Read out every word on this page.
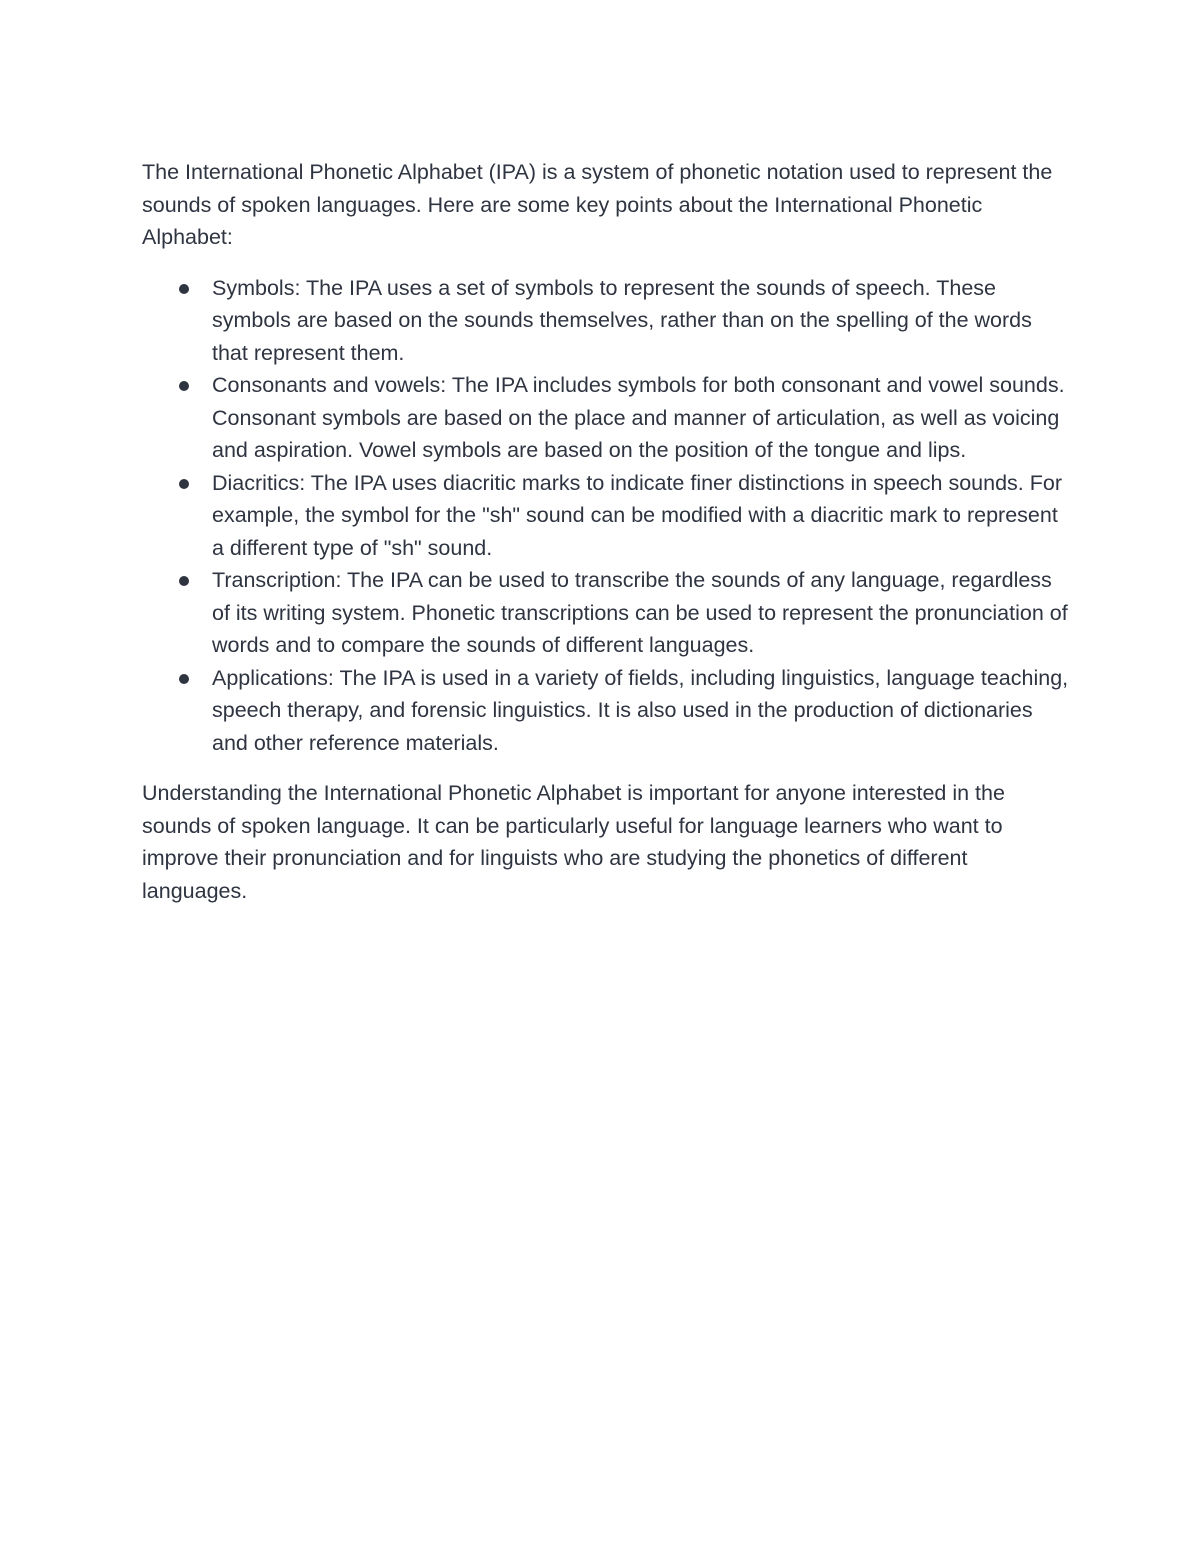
The International Phonetic Alphabet (IPA) is a system of phonetic notation used to represent the sounds of spoken languages. Here are some key points about the International Phonetic Alphabet:

Symbols: The IPA uses a set of symbols to represent the sounds of speech. These symbols are based on the sounds themselves, rather than on the spelling of the words that represent them.
Consonants and vowels: The IPA includes symbols for both consonant and vowel sounds. Consonant symbols are based on the place and manner of articulation, as well as voicing and aspiration. Vowel symbols are based on the position of the tongue and lips.
Diacritics: The IPA uses diacritic marks to indicate finer distinctions in speech sounds. For example, the symbol for the "sh" sound can be modified with a diacritic mark to represent a different type of "sh" sound.
Transcription: The IPA can be used to transcribe the sounds of any language, regardless of its writing system. Phonetic transcriptions can be used to represent the pronunciation of words and to compare the sounds of different languages.
Applications: The IPA is used in a variety of fields, including linguistics, language teaching, speech therapy, and forensic linguistics. It is also used in the production of dictionaries and other reference materials.

Understanding the International Phonetic Alphabet is important for anyone interested in the sounds of spoken language. It can be particularly useful for language learners who want to improve their pronunciation and for linguists who are studying the phonetics of different languages.
